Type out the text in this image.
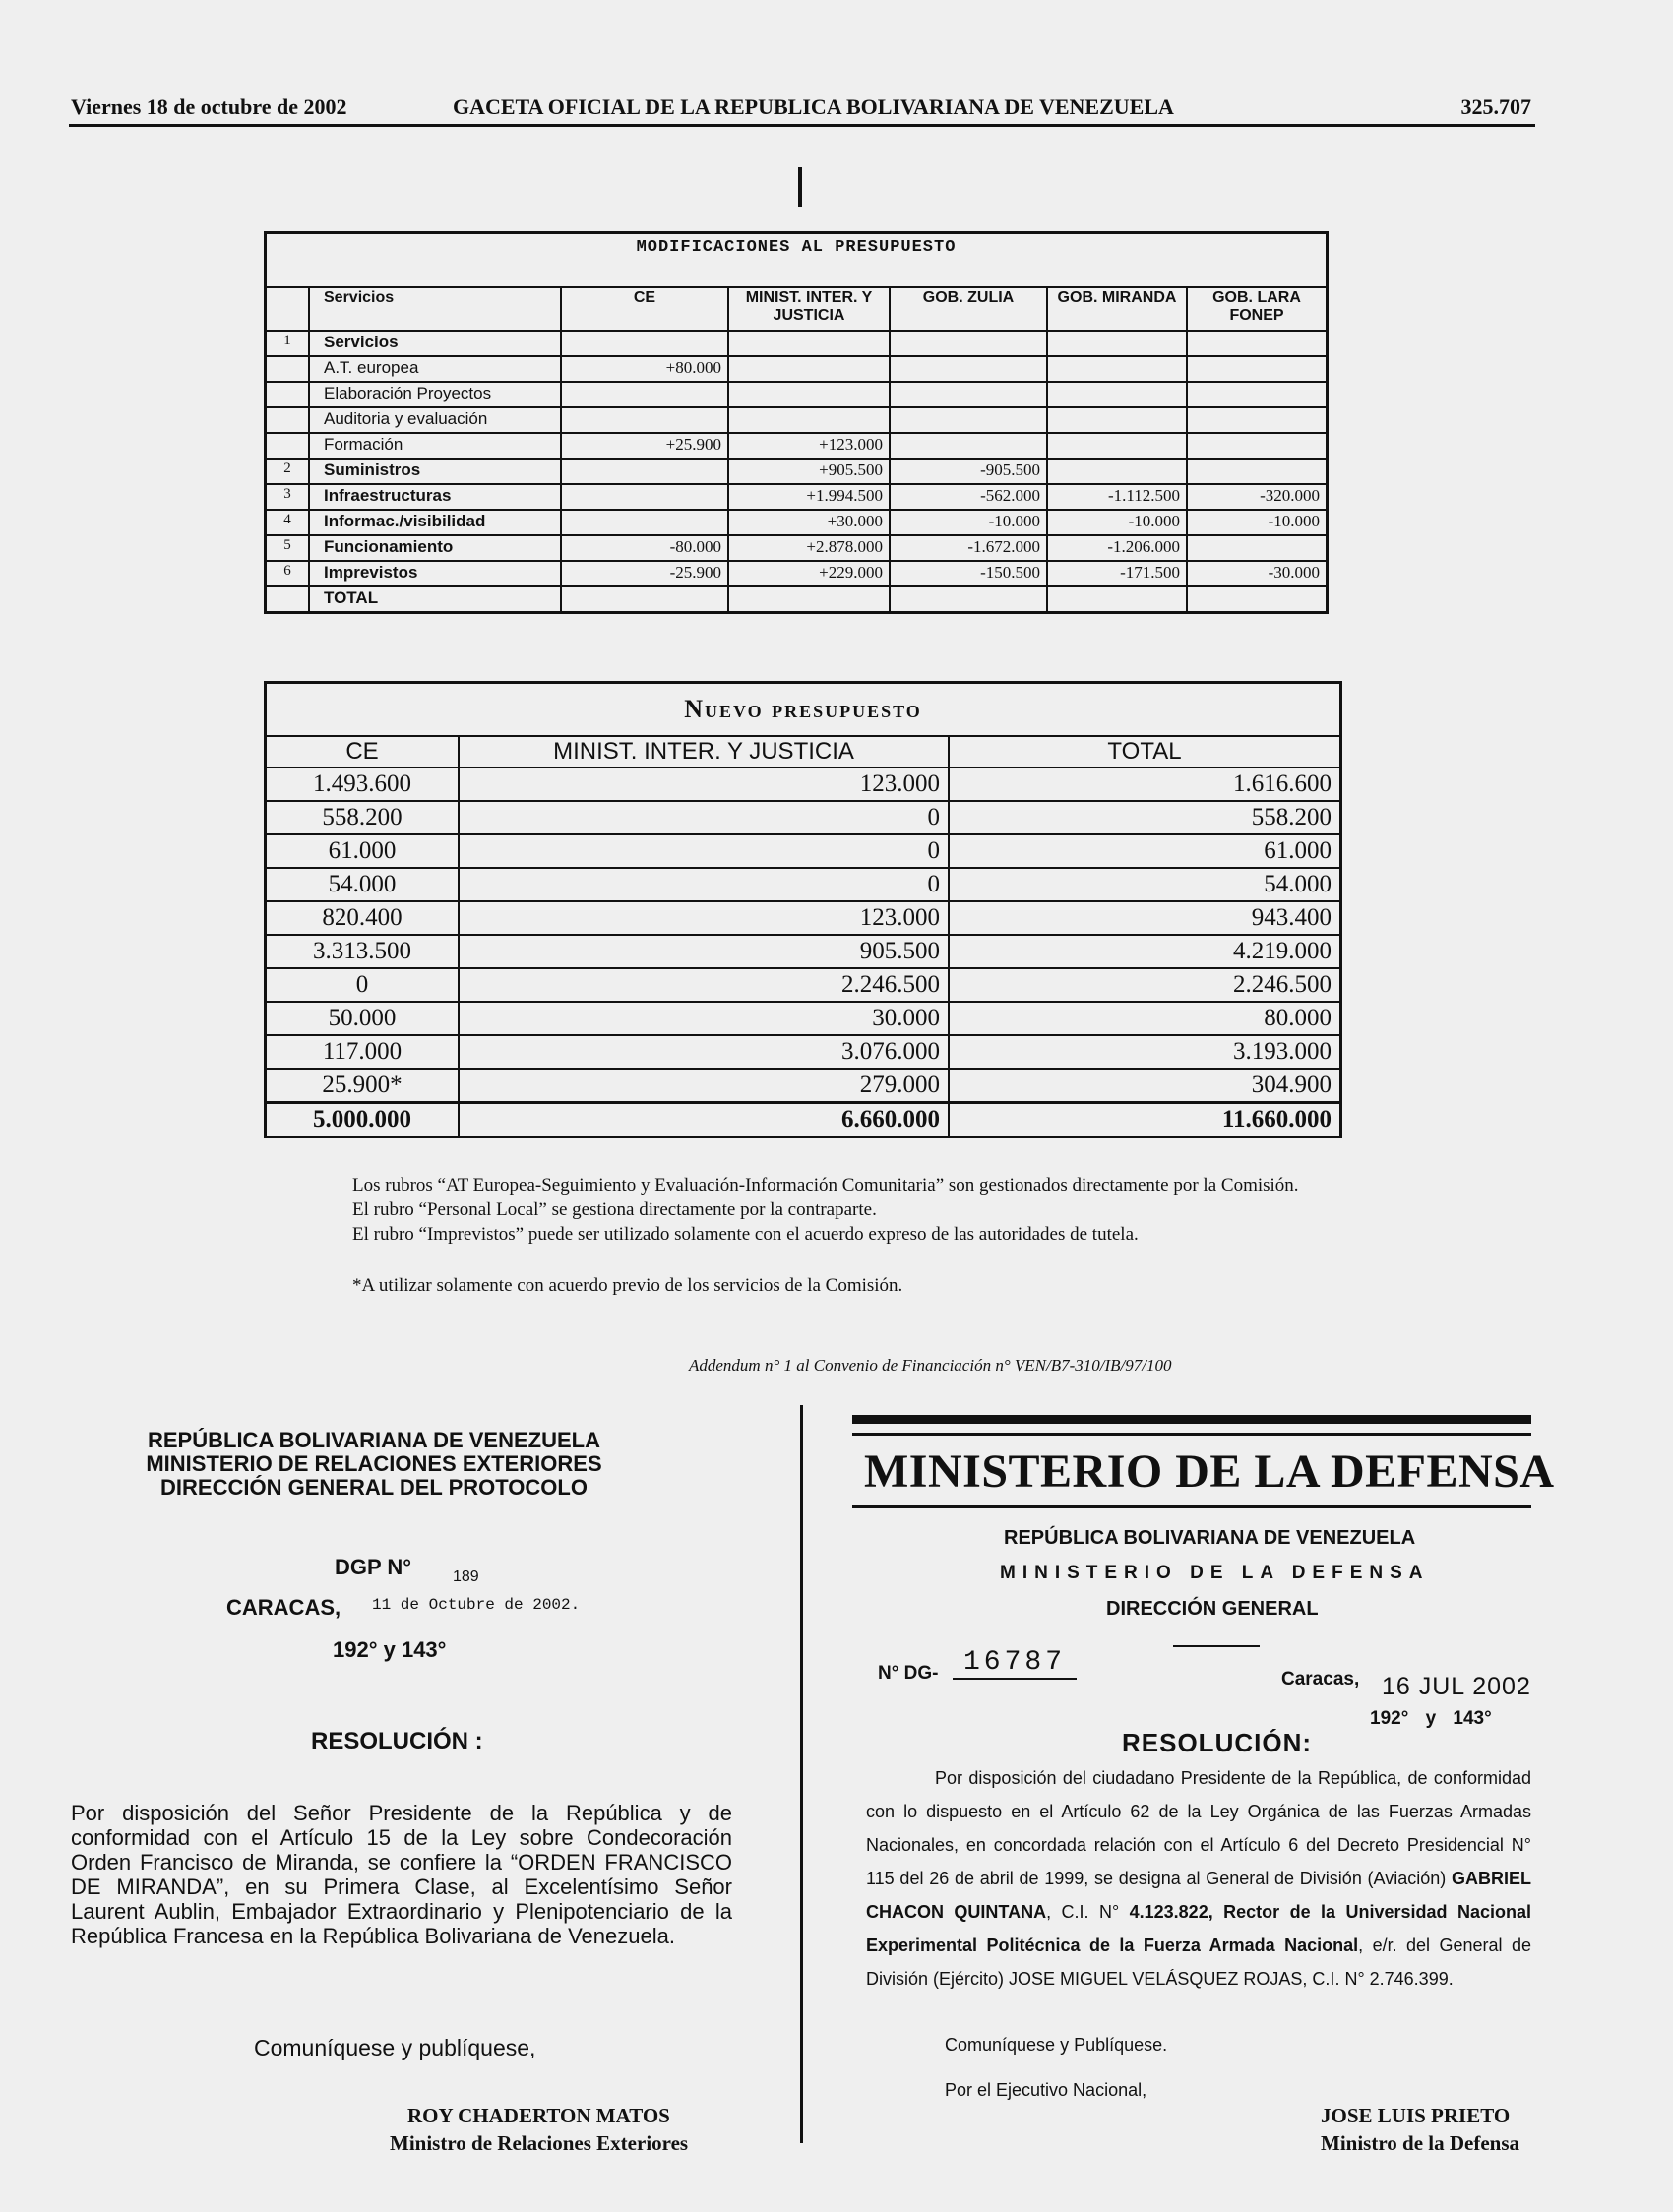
Viernes 18 de octubre de 2002	GACETA OFICIAL DE LA REPUBLICA BOLIVARIANA DE VENEZUELA	325.707
MODIFICACIONES AL PRESUPUESTO						
	Servicios	CE	MINIST. INTER. Y JUSTICIA	GOB. ZULIA	GOB. MIRANDA	GOB. LARA FONEP
1	Servicios					
	A.T. europea	+80.000				
	Elaboración Proyectos					
	Auditoria y evaluación					
	Formación	+25.900	+123.000			
2	Suministros		+905.500	-905.500		
3	Infraestructuras		+1.994.500	-562.000	-1.112.500	-320.000
4	Informac./visibilidad		+30.000	-10.000	-10.000	-10.000
5	Funcionamiento	-80.000	+2.878.000	-1.672.000	-1.206.000	
6	Imprevistos	-25.900	+229.000	-150.500	-171.500	-30.000
	TOTAL					
Nuevo presupuesto		
CE	MINIST. INTER. Y JUSTICIA	TOTAL
1.493.600	123.000	1.616.600
558.200	0	558.200
61.000	0	61.000
54.000	0	54.000
820.400	123.000	943.400
3.313.500	905.500	4.219.000
0	2.246.500	2.246.500
50.000	30.000	80.000
117.000	3.076.000	3.193.000
25.900*	279.000	304.900
5.000.000	6.660.000	11.660.000
Los rubros “AT Europea-Seguimiento y Evaluación-Información Comunitaria” son gestionados directamente por la Comisión.
El rubro “Personal Local” se gestiona directamente por la contraparte.
El rubro “Imprevistos” puede ser utilizado solamente con el acuerdo expreso de las autoridades de tutela.
*A utilizar solamente con acuerdo previo de los servicios de la Comisión.
Addendum n° 1 al Convenio de Financiación n° VEN/B7-310/IB/97/100
REPÚBLICA BOLIVARIANA DE VENEZUELA
MINISTERIO DE RELACIONES EXTERIORES
DIRECCIÓN GENERAL DEL PROTOCOLO
DGP N°	189
CARACAS, 11 de Octubre de 2002.
192° y 143°
RESOLUCIÓN :
Por disposición del Señor Presidente de la República y de conformidad con el Artículo 15 de la Ley sobre Condecoración Orden Francisco de Miranda, se confiere la “ORDEN FRANCISCO DE MIRANDA”, en su Primera Clase, al Excelentísimo Señor Laurent Aublin, Embajador Extraordinario y Plenipotenciario de la República Francesa en la República Bolivariana de Venezuela.
Comuníquese y publíquese,
ROY CHADERTON MATOS
Ministro de Relaciones Exteriores
MINISTERIO DE LA DEFENSA
REPÚBLICA BOLIVARIANA DE VENEZUELA
MINISTERIO DE LA DEFENSA
DIRECCIÓN GENERAL
N° DG- 16787
Caracas, 16 JUL 2002
192° y 143°
RESOLUCIÓN:
Por disposición del ciudadano Presidente de la República, de conformidad con lo dispuesto en el Artículo 62 de la Ley Orgánica de las Fuerzas Armadas Nacionales, en concordada relación con el Artículo 6 del Decreto Presidencial N° 115 del 26 de abril de 1999, se designa al General de División (Aviación) GABRIEL CHACON QUINTANA, C.I. N° 4.123.822, Rector de la Universidad Nacional Experimental Politécnica de la Fuerza Armada Nacional, e/r. del General de División (Ejército) JOSE MIGUEL VELÁSQUEZ ROJAS, C.I. N° 2.746.399.
Comuníquese y Publíquese.
Por el Ejecutivo Nacional,
JOSE LUIS PRIETO
Ministro de la Defensa
